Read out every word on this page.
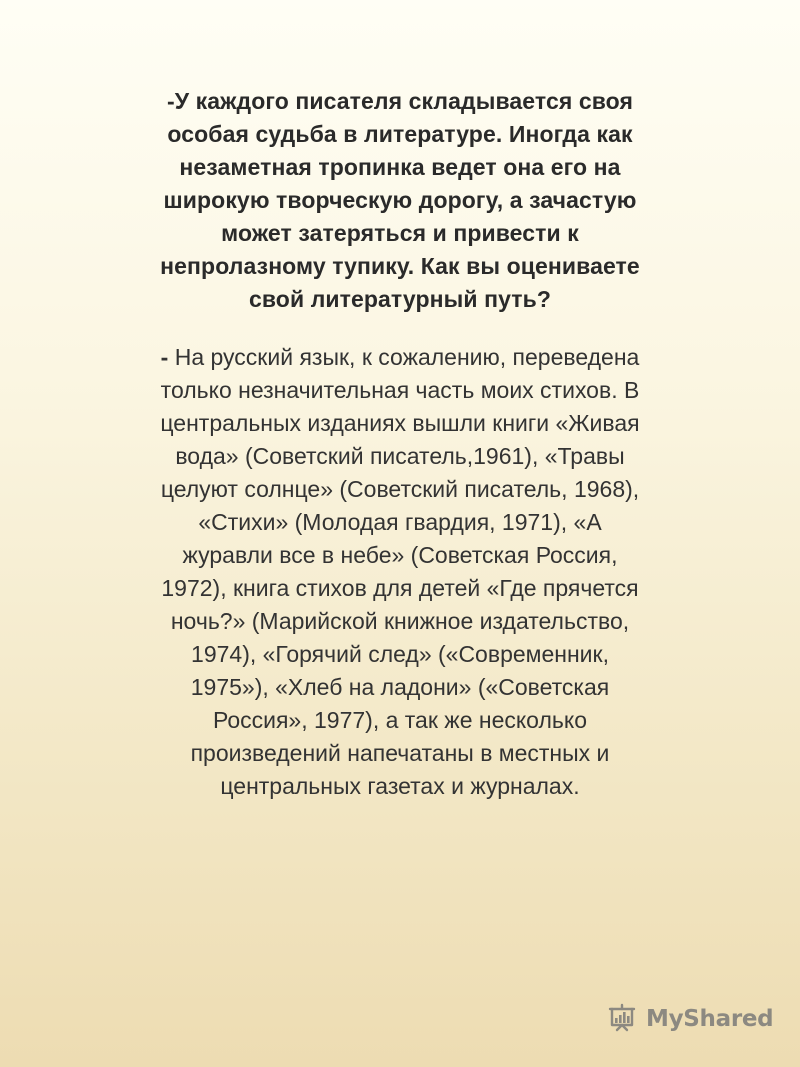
-У каждого писателя складывается своя
особая судьба в литературе. Иногда как
незаметная тропинка ведет она его на
широкую творческую дорогу, а зачастую
может затеряться и привести к
непролазному тупику. Как вы оцениваете
свой литературный путь?
- На русский язык, к сожалению, переведена
только незначительная часть моих стихов. В
центральных изданиях вышли книги «Живая
вода» (Советский писатель,1961), «Травы
целуют солнце» (Советский писатель, 1968),
«Стихи» (Молодая гвардия, 1971), «А
журавли все в небе» (Советская Россия,
1972), книга стихов для детей «Где прячется
ночь?» (Марийской книжное издательство,
1974), «Горячий след» («Современник,
1975»), «Хлеб на ладони» («Советская
Россия», 1977), а так же несколько
произведений напечатаны в местных и
центральных газетах и журналах.
MyShared
